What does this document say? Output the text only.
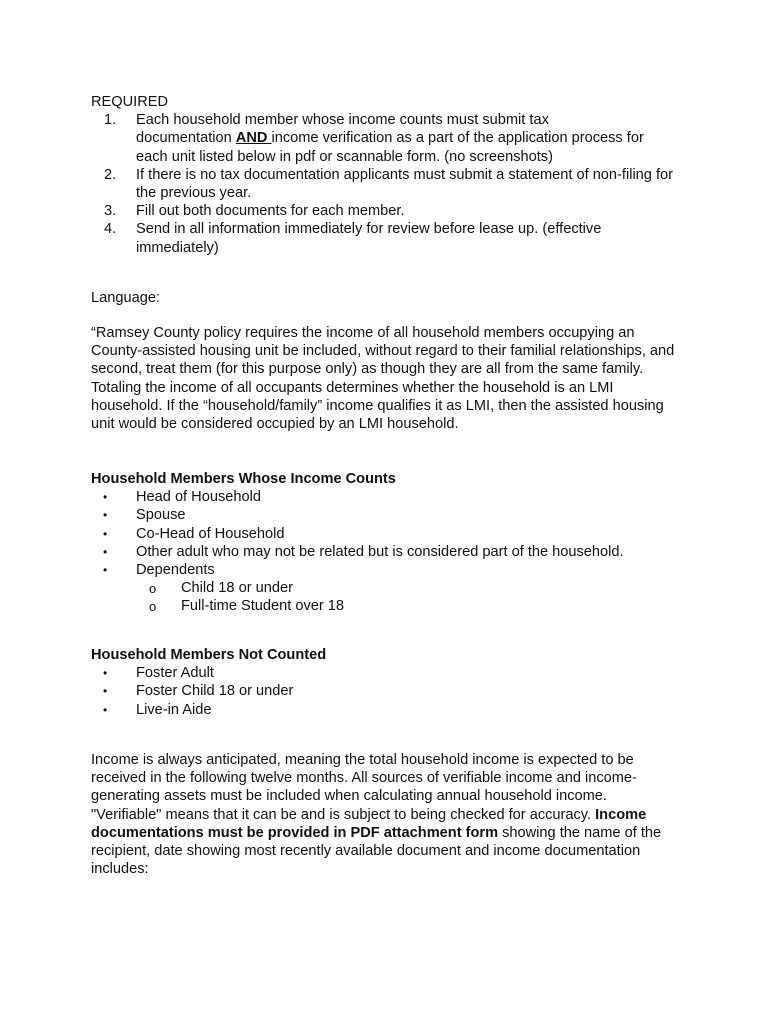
REQUIRED
1. Each household member whose income counts must submit tax
documentation AND income verification as a part of the application process for
each unit listed below in pdf or scannable form. (no screenshots)
2. If there is no tax documentation applicants must submit a statement of non-filing for the previous year.
3. Fill out both documents for each member.
4. Send in all information immediately for review before lease up. (effective immediately)
Language:

“Ramsey County policy requires the income of all household members occupying an County-assisted housing unit be included, without regard to their familial relationships, and second, treat them (for this purpose only) as though they are all from the same family. Totaling the income of all occupants determines whether the household is an LMI household. If the “household/family” income qualifies it as LMI, then the assisted housing unit would be considered occupied by an LMI household.

Household Members Whose Income Counts
• Head of Household
• Spouse
• Co-Head of Household
• Other adult who may not be related but is considered part of the household.
• Dependents
o Child 18 or under
o Full-time Student over 18
Household Members Not Counted
• Foster Adult
• Foster Child 18 or under
• Live-in Aide

Income is always anticipated, meaning the total household income is expected to be received in the following twelve months. All sources of verifiable income and income-generating assets must be included when calculating annual household income. "Verifiable" means that it can be and is subject to being checked for accuracy. Income documentations must be provided in PDF attachment form showing the name of the recipient, date showing most recently available document and income documentation includes:
